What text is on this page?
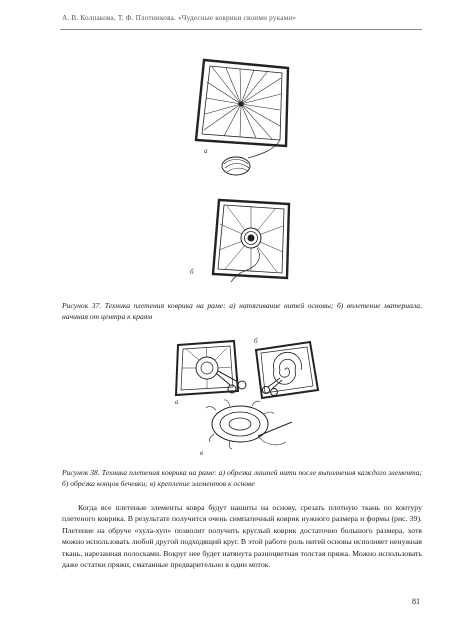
А. В. Колпакова, Т. Ф. Плотникова. «Чудесные коврики своими руками»
а
б
Рисунок 37. Техника плетения коврика на раме: а) натягивание нитей основы; б) вплетение материала, начиная от центра к краям
а
б
в
Рисунок 38. Техника плетения коврика на раме: а) обрезка лишней нити после выполнения каждого элемента; б) обрезка концов бечевки; в) крепление элементов к основе

Когда все плетеные элементы ковра будут нашиты на основу, срезать плотную ткань по контуру плетеного коврика. В результате получится очень симпатичный коврик нужного размера и формы (рис. 39). Плетение на обруче «хула-хуп» позволит получить круглый коврик достаточно большого размера, хотя можно использовать любой другой подходящий круг. В этой работе роль нитей основы исполняет ненужная ткань, нарезанная полосками. Вокруг нее будет натянута разноцветная толстая пряжа. Можно использовать даже остатки пряжи, сматанные предварительно в один моток.

81
